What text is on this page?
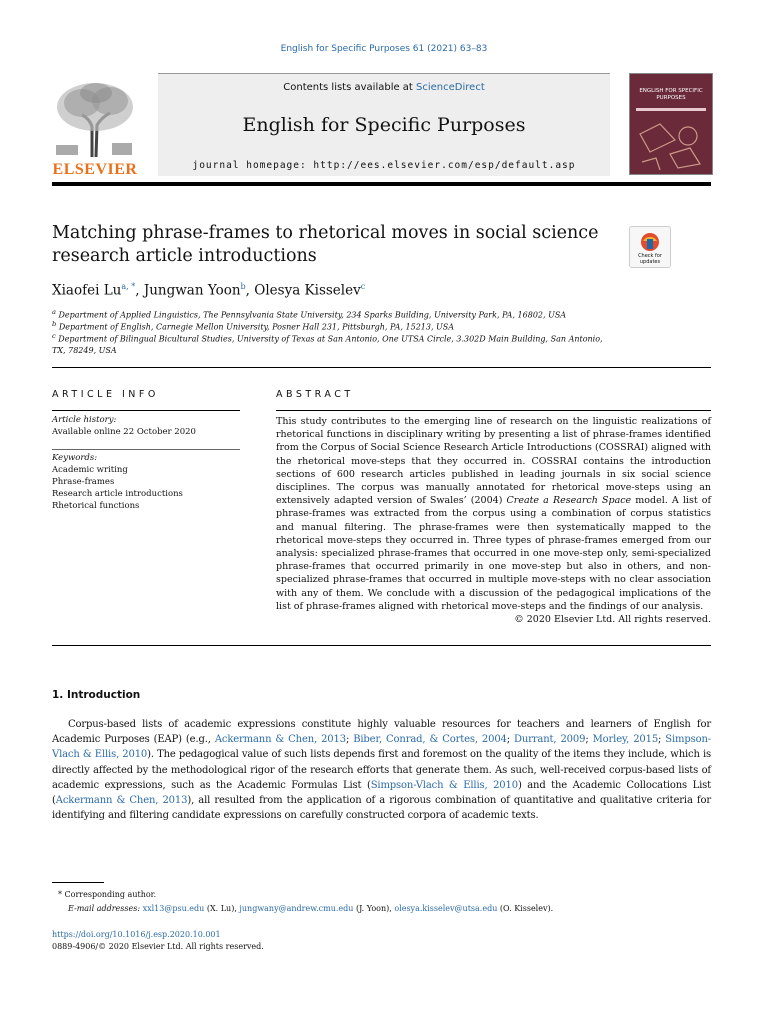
English for Specific Purposes 61 (2021) 63–83
ELSEVIER
Contents lists available at ScienceDirect
English for Specific Purposes
journal homepage: http://ees.elsevier.com/esp/default.asp
ENGLISH FOR SPECIFIC PURPOSES
Matching phrase-frames to rhetorical moves in social science research article introductions	Check for updates
Xiaofei $Lu^{a, *}$, Jungwan Yoon$^b$, Olesya Kisselev$^c$
$^a$ Department of Applied Linguistics, The Pennsylvania State University, 234 Sparks Building, University Park, PA, 16802, USA
$^b$ Department of English, Carnegie Mellon University, Posner Hall 231, Pittsburgh, PA, 15213, USA
$^c$ Department of Bilingual Bicultural Studies, University of Texas at San Antonio, One UTSA Circle, 3.302D Main Building, San Antonio, TX, 78249, USA
ARTICLE INFO	ABSTRACT
Article history:
Available online 22 October 2020
Keywords:
Academic writing
Phrase-frames
Research article introductions
Rhetorical functions
This study contributes to the emerging line of research on the linguistic realizations of rhetorical functions in disciplinary writing by presenting a list of phrase-frames identified from the Corpus of Social Science Research Article Introductions (COSSRAI) aligned with the rhetorical move-steps that they occurred in. COSSRAI contains the introduction sections of 600 research articles published in leading journals in six social science disciplines. The corpus was manually annotated for rhetorical move-steps using an extensively adapted version of Swales’ (2004) Create a Research Space model. A list of phrase-frames was extracted from the corpus using a combination of corpus statistics and manual filtering. The phrase-frames were then systematically mapped to the rhetorical move-steps they occurred in. Three types of phrase-frames emerged from our analysis: specialized phrase-frames that occurred in one move-step only, semi-specialized phrase-frames that occurred primarily in one move-step but also in others, and non-specialized phrase-frames that occurred in multiple move-steps with no clear association with any of them. We conclude with a discussion of the pedagogical implications of the list of phrase-frames aligned with rhetorical move-steps and the findings of our analysis.
© 2020 Elsevier Ltd. All rights reserved.
1. Introduction
Corpus-based lists of academic expressions constitute highly valuable resources for teachers and learners of English for Academic Purposes (EAP) (e.g., Ackermann & Chen, 2013; Biber, Conrad, & Cortes, 2004; Durrant, 2009; Morley, 2015; Simpson-Vlach & Ellis, 2010). The pedagogical value of such lists depends first and foremost on the quality of the items they include, which is directly affected by the methodological rigor of the research efforts that generate them. As such, well-received corpus-based lists of academic expressions, such as the Academic Formulas List (Simpson-Vlach & Ellis, 2010) and the Academic Collocations List (Ackermann & Chen, 2013), all resulted from the application of a rigorous combination of quantitative and qualitative criteria for identifying and filtering candidate expressions on carefully constructed corpora of academic texts.
* Corresponding author.
E-mail addresses: xxl13@psu.edu (X. Lu), jungwany@andrew.cmu.edu (J. Yoon), olesya.kisselev@utsa.edu (O. Kisselev).
https://doi.org/10.1016/j.esp.2020.10.001
0889-4906/© 2020 Elsevier Ltd. All rights reserved.
